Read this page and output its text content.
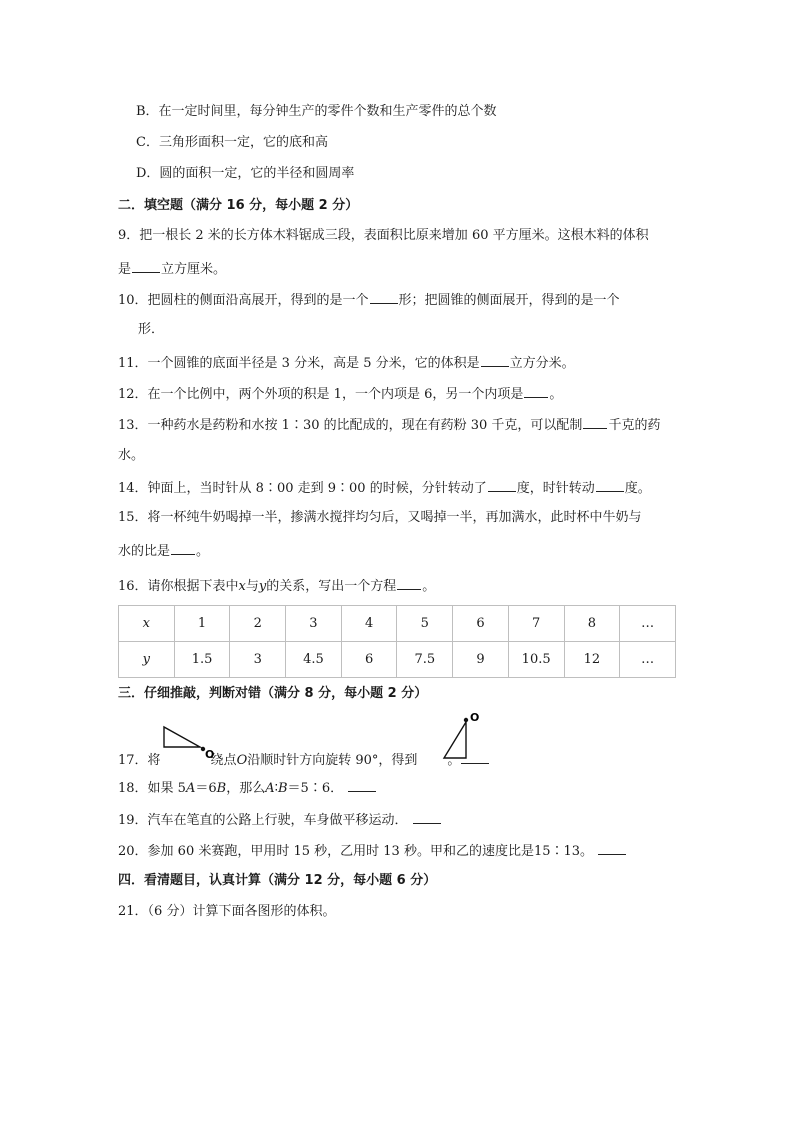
B．在一定时间里，每分钟生产的零件个数和生产零件的总个数
C．三角形面积一定，它的底和高
D．圆的面积一定，它的半径和圆周率
二．填空题（满分 16 分，每小题 2 分）
9．把一根长 2 米的长方体木料锯成三段，表面积比原来增加 60 平方厘米。这根木料的体积
是 立方厘米。
10．把圆柱的侧面沿高展开，得到的是一个 形；把圆锥的侧面展开，得到的是一个
形．
11．一个圆锥的底面半径是 3 分米，高是 5 分米，它的体积是 立方分米。
12．在一个比例中，两个外项的积是 1，一个内项是 6，另一个内项是 。
13．一种药水是药粉和水按 1∶30 的比配成的，现在有药粉 30 千克，可以配制 千克的药
水。
14．钟面上，当时针从 8∶00 走到 9∶00 的时候，分针转动了 度，时针转动 度。
15．将一杯纯牛奶喝掉一半，掺满水搅拌均匀后，又喝掉一半，再加满水，此时杯中牛奶与
水的比是 。
16．请你根据下表中x与y的关系，写出一个方程 。
x	1	2	3	4	5	6	7	8	…
y	1.5	3	4.5	6	7.5	9	10.5	12	…
三．仔细推敲，判断对错（满分 8 分，每小题 2 分）
17．将	绕点O沿顺时针方向旋转 90°，得到 。
O
O
18．如果 5A＝6B，那么A∶B＝5∶6．
19．汽车在笔直的公路上行驶，车身做平移运动．
20．参加 60 米赛跑，甲用时 15 秒，乙用时 13 秒。甲和乙的速度比是15∶13。
四．看清题目，认真计算（满分 12 分，每小题 6 分）
21．（6 分）计算下面各图形的体积。
